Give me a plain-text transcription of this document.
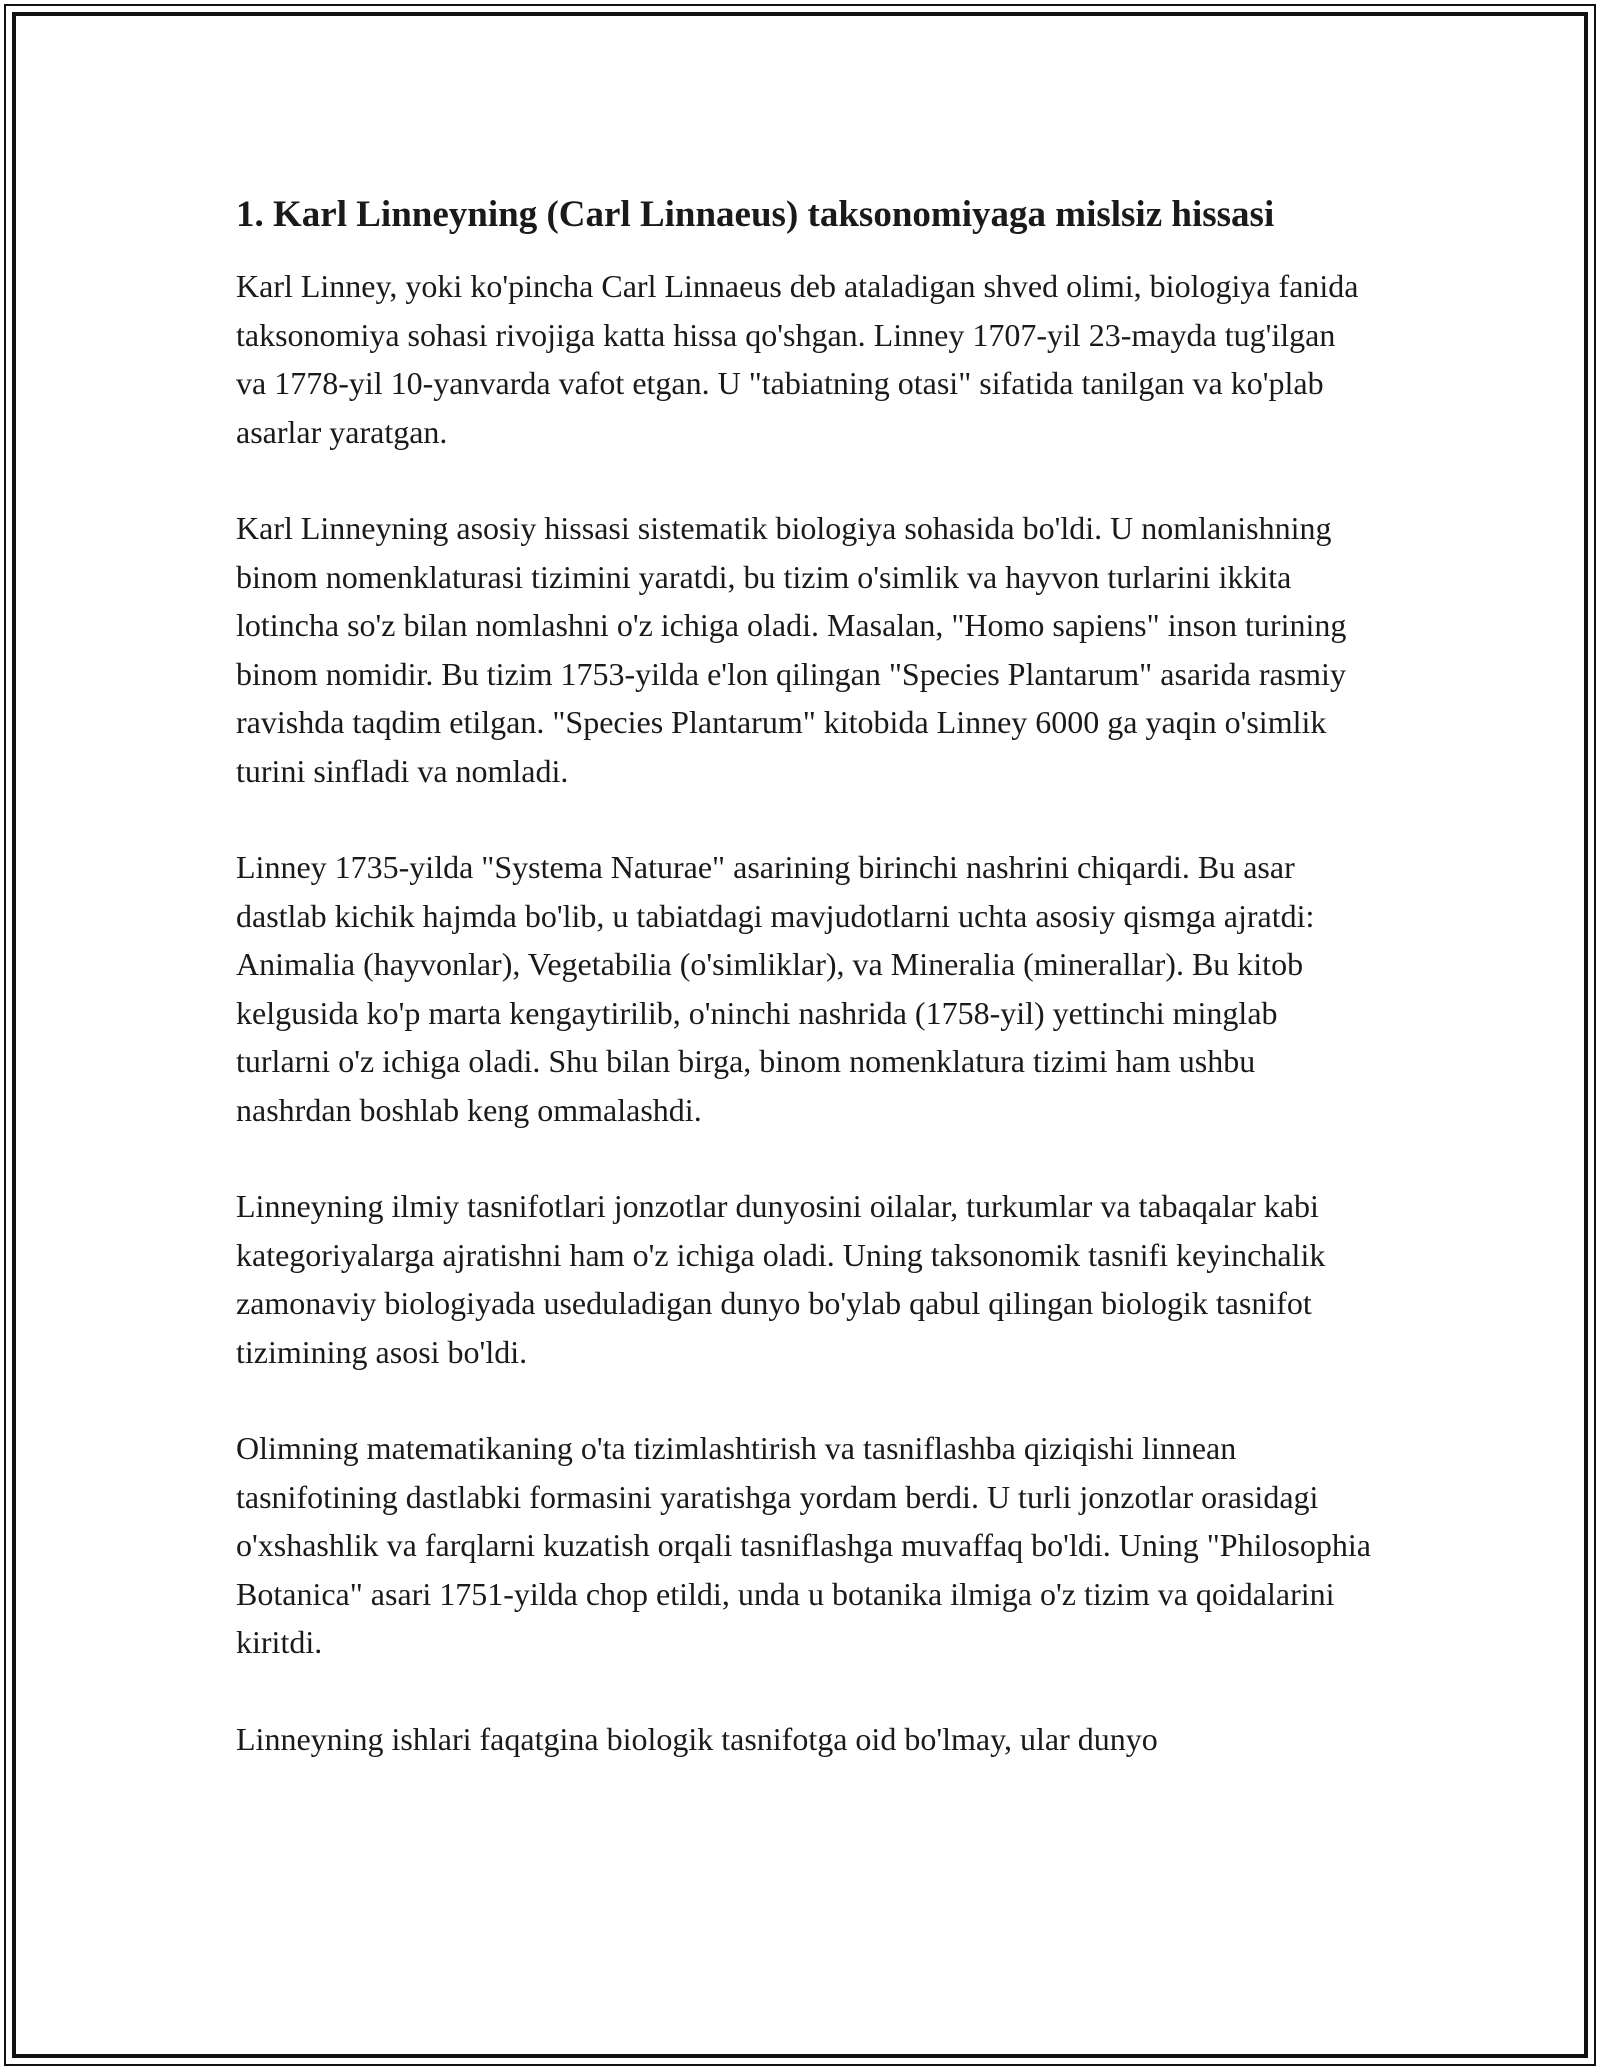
1. Karl Linneyning (Carl Linnaeus) taksonomiyaga mislsiz hissasi

Karl Linney, yoki ko'pincha Carl Linnaeus deb ataladigan shved olimi, biologiya fanida taksonomiya sohasi rivojiga katta hissa qo'shgan. Linney 1707-yil 23-mayda tug'ilgan va 1778-yil 10-yanvarda vafot etgan. U "tabiatning otasi" sifatida tanilgan va ko'plab asarlar yaratgan.

Karl Linneyning asosiy hissasi sistematik biologiya sohasida bo'ldi. U nomlanishning binom nomenklaturasi tizimini yaratdi, bu tizim o'simlik va hayvon turlarini ikkita lotincha so'z bilan nomlashni o'z ichiga oladi. Masalan, "Homo sapiens" inson turining binom nomidir. Bu tizim 1753-yilda e'lon qilingan "Species Plantarum" asarida rasmiy ravishda taqdim etilgan. "Species Plantarum" kitobida Linney 6000 ga yaqin o'simlik turini sinfladi va nomladi.

Linney 1735-yilda "Systema Naturae" asarining birinchi nashrini chiqardi. Bu asar dastlab kichik hajmda bo'lib, u tabiatdagi mavjudotlarni uchta asosiy qismga ajratdi: Animalia (hayvonlar), Vegetabilia (o'simliklar), va Mineralia (minerallar). Bu kitob kelgusida ko'p marta kengaytirilib, o'ninchi nashrida (1758-yil) yettinchi minglab turlarni o'z ichiga oladi. Shu bilan birga, binom nomenklatura tizimi ham ushbu nashrdan boshlab keng ommalashdi.

Linneyning ilmiy tasnifotlari jonzotlar dunyosini oilalar, turkumlar va tabaqalar kabi kategoriyalarga ajratishni ham o'z ichiga oladi. Uning taksonomik tasnifi keyinchalik zamonaviy biologiyada useduladigan dunyo bo'ylab qabul qilingan biologik tasnifot tizimining asosi bo'ldi.

Olimning matematikaning o'ta tizimlashtirish va tasniflashba qiziqishi linnean tasnifotining dastlabki formasini yaratishga yordam berdi. U turli jonzotlar orasidagi o'xshashlik va farqlarni kuzatish orqali tasniflashga muvaffaq bo'ldi. Uning "Philosophia Botanica" asari 1751-yilda chop etildi, unda u botanika ilmiga o'z tizim va qoidalarini kiritdi.

Linneyning ishlari faqatgina biologik tasnifotga oid bo'lmay, ular dunyo
